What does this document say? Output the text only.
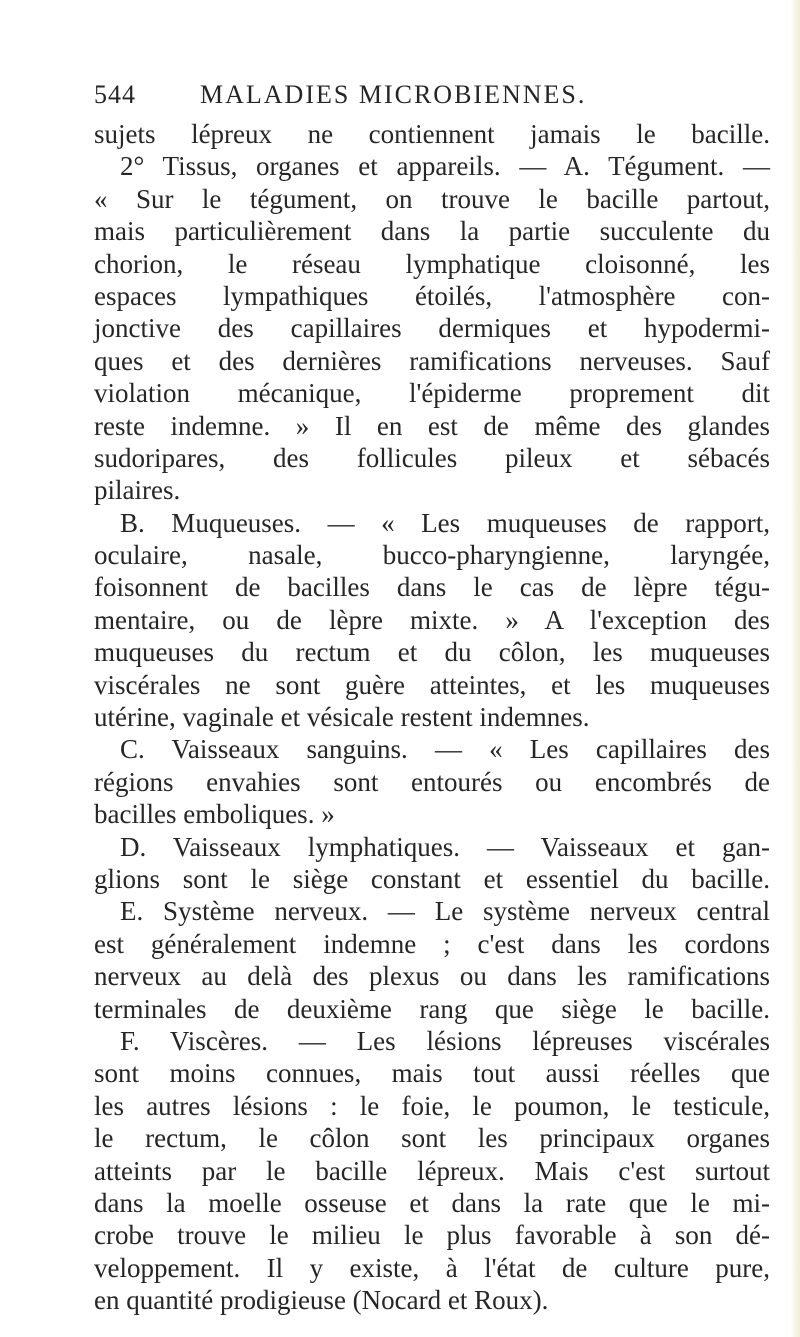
544 MALADIES MICROBIENNES.
sujets lépreux ne contiennent jamais le bacille.
2° Tissus, organes et appareils. — A. Tégument. —
« Sur le tégument, on trouve le bacille partout,
mais particulièrement dans la partie succulente du
chorion, le réseau lymphatique cloisonné, les
espaces lympathiques étoilés, l'atmosphère con-
jonctive des capillaires dermiques et hypodermi-
ques et des dernières ramifications nerveuses. Sauf
violation mécanique, l'épiderme proprement dit
reste indemne. » Il en est de même des glandes
sudoripares, des follicules pileux et sébacés
pilaires.
B. Muqueuses. — « Les muqueuses de rapport,
oculaire, nasale, bucco-pharyngienne, laryngée,
foisonnent de bacilles dans le cas de lèpre tégu-
mentaire, ou de lèpre mixte. » A l'exception des
muqueuses du rectum et du côlon, les muqueuses
viscérales ne sont guère atteintes, et les muqueuses
utérine, vaginale et vésicale restent indemnes.
C. Vaisseaux sanguins. — « Les capillaires des
régions envahies sont entourés ou encombrés de
bacilles emboliques. »
D. Vaisseaux lymphatiques. — Vaisseaux et gan-
glions sont le siège constant et essentiel du bacille.
E. Système nerveux. — Le système nerveux central
est généralement indemne ; c'est dans les cordons
nerveux au delà des plexus ou dans les ramifications
terminales de deuxième rang que siège le bacille.
F. Viscères. — Les lésions lépreuses viscérales
sont moins connues, mais tout aussi réelles que
les autres lésions : le foie, le poumon, le testicule,
le rectum, le côlon sont les principaux organes
atteints par le bacille lépreux. Mais c'est surtout
dans la moelle osseuse et dans la rate que le mi-
crobe trouve le milieu le plus favorable à son dé-
veloppement. Il y existe, à l'état de culture pure,
en quantité prodigieuse (Nocard et Roux).
